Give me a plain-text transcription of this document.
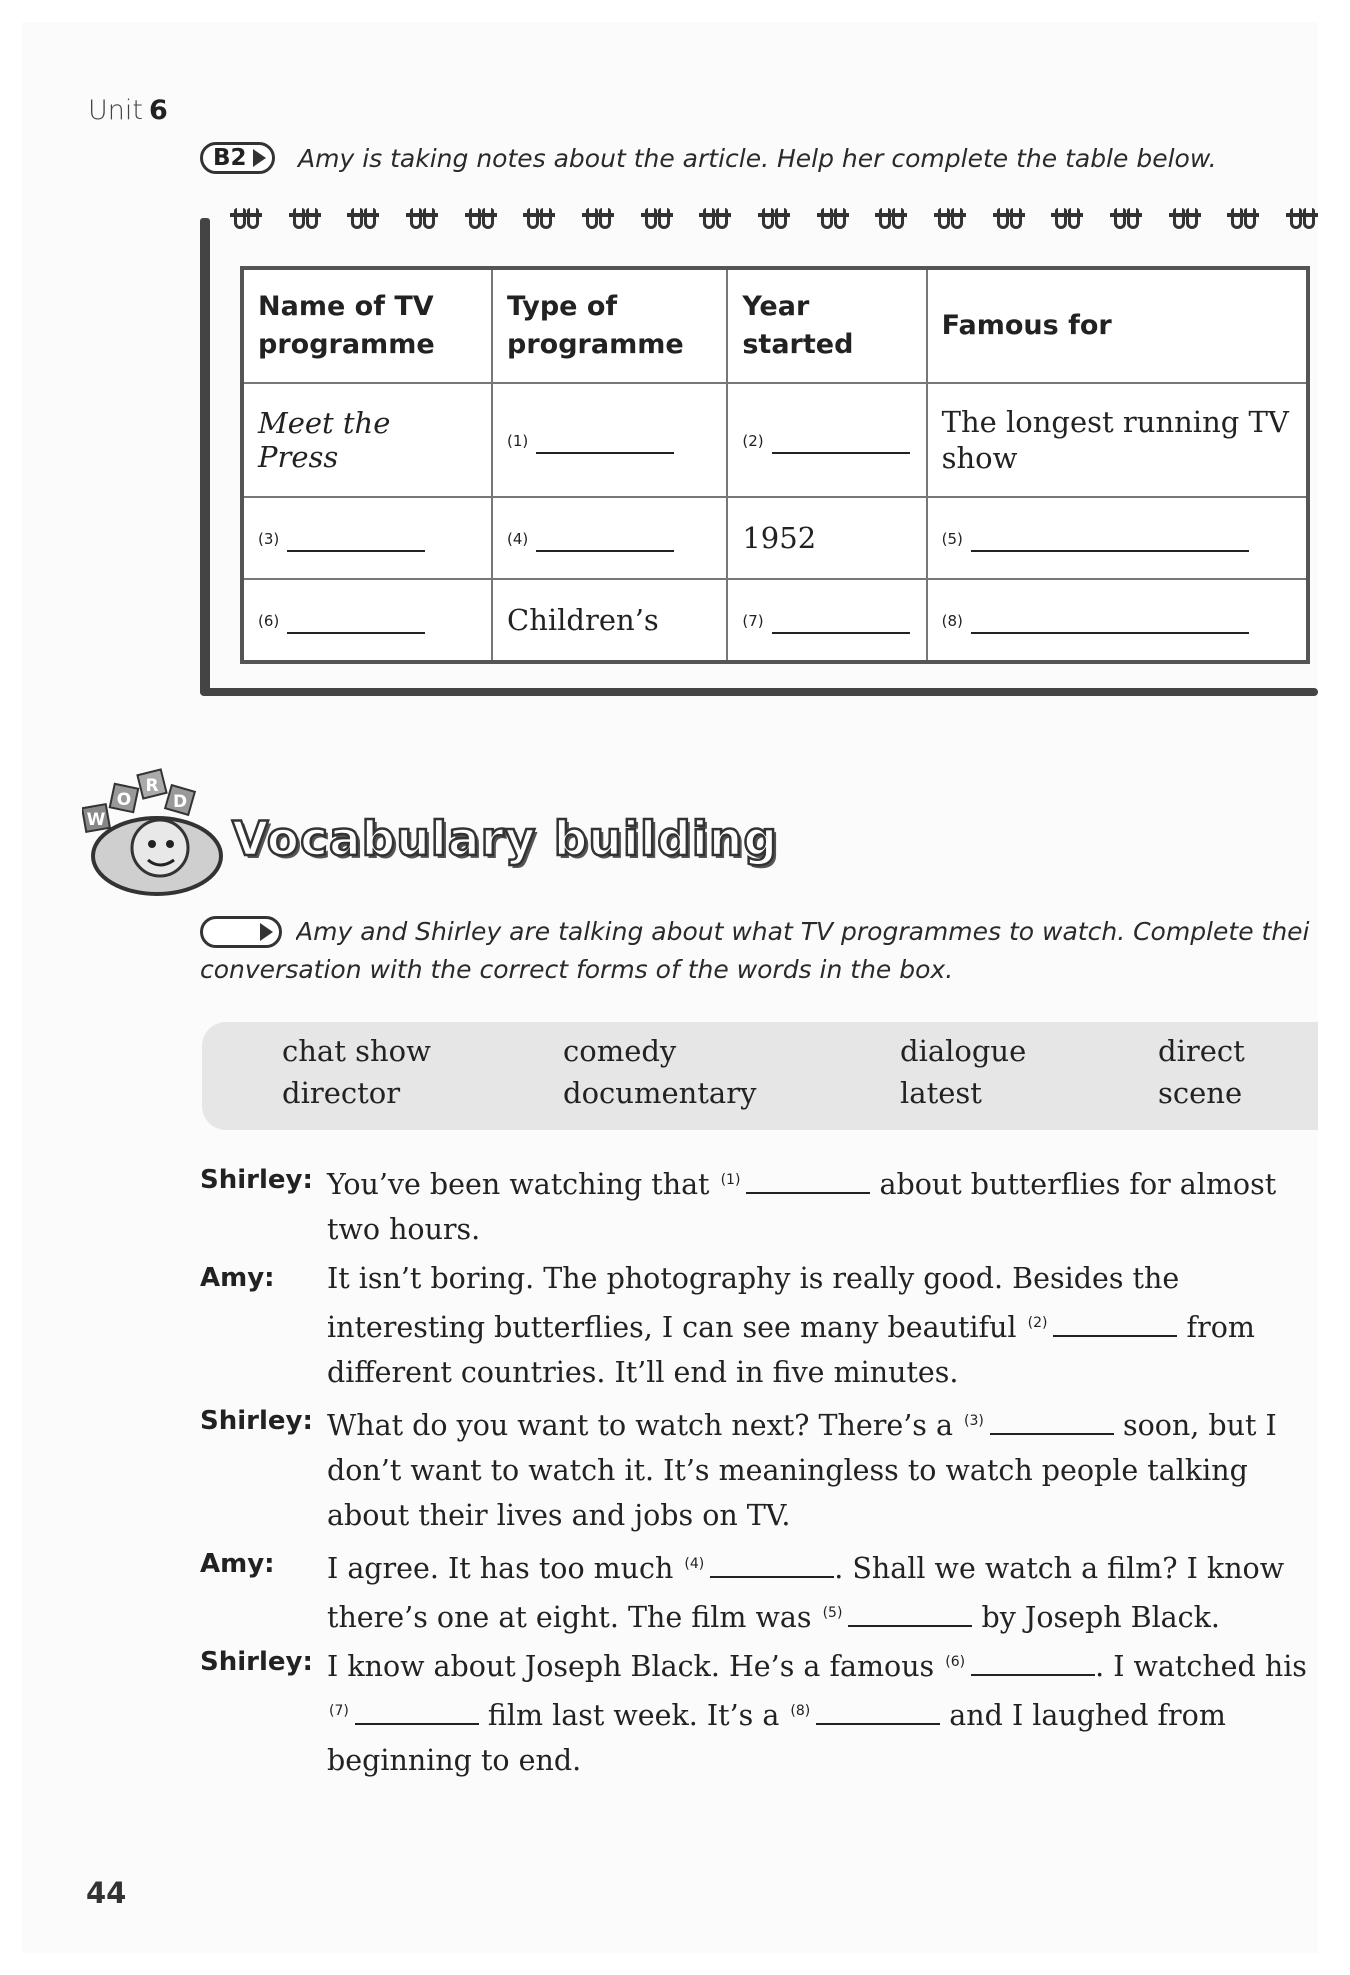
Unit 6
B2 Amy is taking notes about the article. Help her complete the table below.
Name of TV programme	Type of programme	Year started	Famous for
Meet the Press	(1)	(2)	The longest running TV show
(3)	(4)	1952	(5)
(6)	Children’s	(7)	(8)
W
O
R
D
Vocabulary building
Amy and Shirley are talking about what TV programmes to watch. Complete thei
conversation with the correct forms of the words in the box.
chat show	comedy	dialogue	direct
director	documentary	latest	scene
Shirley: You’ve been watching that $^{(1)}$	about butterflies for almost two hours.
Amy: It isn’t boring. The photography is really good. Besides the interesting butterflies, I can see many beautiful $^{(2)}$	from different countries. It’ll end in five minutes.
Shirley: What do you want to watch next? There’s a $^{(3)}$	soon, but I don’t want to watch it. It’s meaningless to watch people talking about their lives and jobs on TV.
Amy: I agree. It has too much $^{(4)}$	. Shall we watch a film? I know there’s one at eight. The film was $^{(5)}$	by Joseph Black.
Shirley: I know about Joseph Black. He’s a famous $^{(6)}$	. I watched his $^{(7)}$	film last week. It’s a $^{(8)}$	and I laughed from beginning to end.
44
